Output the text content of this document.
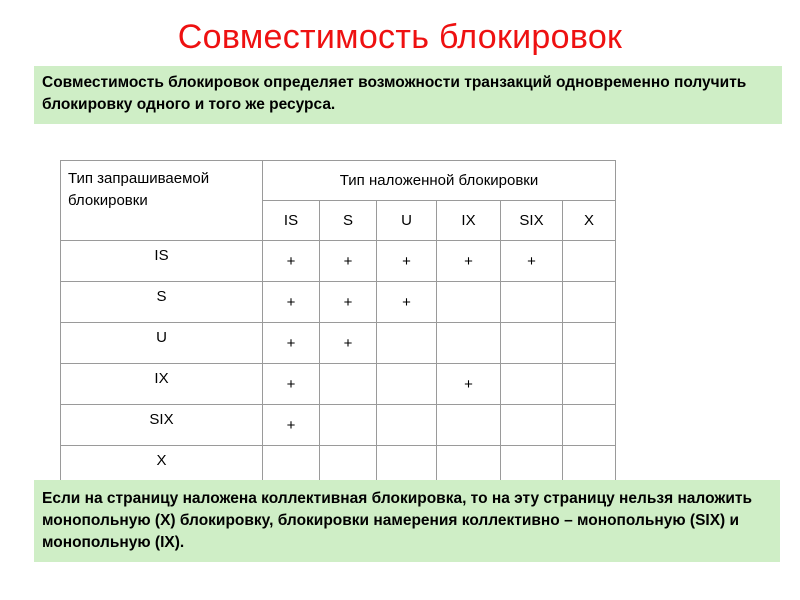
Совместимость блокировок
Совместимость блокировок определяет возможности транзакций одновременно получить блокировку одного и того же ресурса.
Тип запрашиваемой блокировки	Тип наложенной блокировки					
	IS	S	U	IX	SIX	X
IS	+	+	+	+	+	
S	+	+	+			
U	+	+				
IX	+			+		
SIX	+					
X						
Если на страницу наложена коллективная блокировка, то на эту страницу нельзя наложить монопольную (X) блокировку, блокировки намерения коллективно – монопольную (SIX) и монопольную (IX).
